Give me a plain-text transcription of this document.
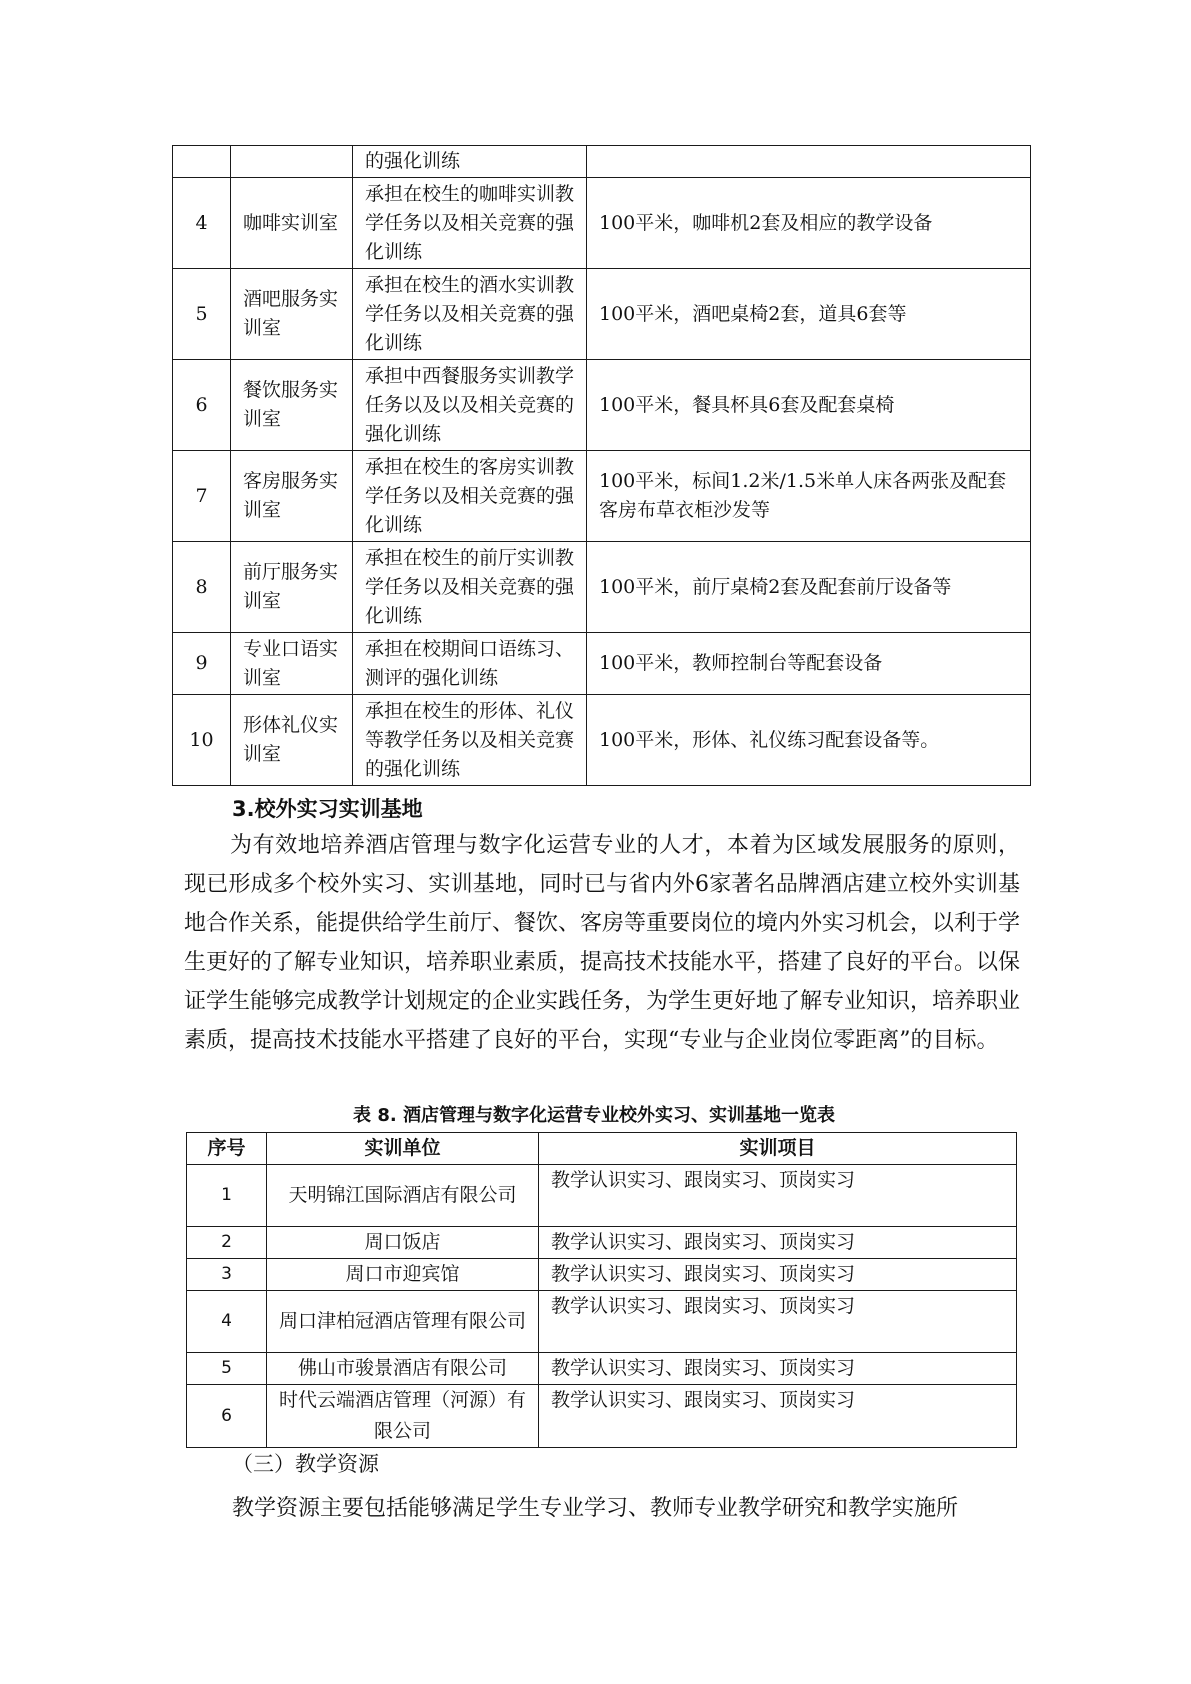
		的强化训练	
4	咖啡实训室	承担在校生的咖啡实训教学任务以及相关竞赛的强化训练	100平米，咖啡机2套及相应的教学设备
5	酒吧服务实训室	承担在校生的酒水实训教学任务以及相关竞赛的强化训练	100平米，酒吧桌椅2套，道具6套等
6	餐饮服务实训室	承担中西餐服务实训教学任务以及以及相关竞赛的强化训练	100平米，餐具杯具6套及配套桌椅
7	客房服务实训室	承担在校生的客房实训教学任务以及相关竞赛的强化训练	100平米，标间1.2米/1.5米单人床各两张及配套客房布草衣柜沙发等
8	前厅服务实训室	承担在校生的前厅实训教学任务以及相关竞赛的强化训练	100平米，前厅桌椅2套及配套前厅设备等
9	专业口语实训室	承担在校期间口语练习、测评的强化训练	100平米，教师控制台等配套设备
10	形体礼仪实训室	承担在校生的形体、礼仪等教学任务以及相关竞赛的强化训练	100平米，形体、礼仪练习配套设备等。
3.校外实习实训基地

为有效地培养酒店管理与数字化运营专业的人才，本着为区域发展服务的原则，现已形成多个校外实习、实训基地，同时已与省内外6家著名品牌酒店建立校外实训基地合作关系，能提供给学生前厅、餐饮、客房等重要岗位的境内外实习机会，以利于学生更好的了解专业知识，培养职业素质，提高技术技能水平，搭建了良好的平台。以保证学生能够完成教学计划规定的企业实践任务，为学生更好地了解专业知识，培养职业素质，提高技术技能水平搭建了良好的平台，实现“专业与企业岗位零距离”的目标。

表 8. 酒店管理与数字化运营专业校外实习、实训基地一览表
序号	实训单位	实训项目
1	天明锦江国际酒店有限公司	教学认识实习、跟岗实习、顶岗实习
2	周口饭店	教学认识实习、跟岗实习、顶岗实习
3	周口市迎宾馆	教学认识实习、跟岗实习、顶岗实习
4	周口津柏冠酒店管理有限公司	教学认识实习、跟岗实习、顶岗实习
5	佛山市骏景酒店有限公司	教学认识实习、跟岗实习、顶岗实习
6	时代云端酒店管理（河源）有限公司	教学认识实习、跟岗实习、顶岗实习
（三）教学资源
教学资源主要包括能够满足学生专业学习、教师专业教学研究和教学实施所
